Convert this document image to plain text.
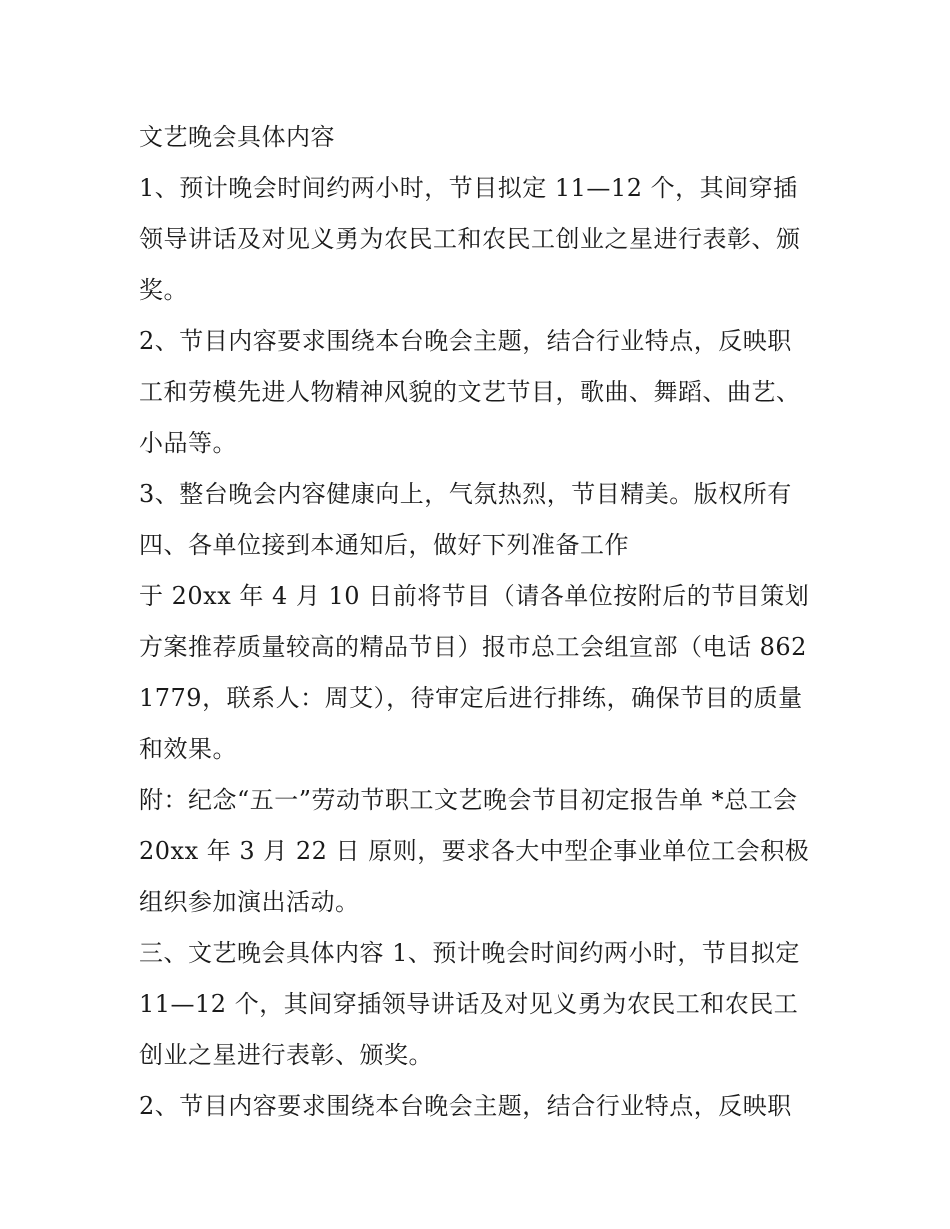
文艺晚会具体内容

1、预计晚会时间约两小时，节目拟定 11—12 个，其间穿插领导讲话及对见义勇为农民工和农民工创业之星进行表彰、颁奖。

2、节目内容要求围绕本台晚会主题，结合行业特点，反映职工和劳模先进人物精神风貌的文艺节目，歌曲、舞蹈、曲艺、小品等。

3、整台晚会内容健康向上，气氛热烈，节目精美。版权所有

四、各单位接到本通知后，做好下列准备工作

于 20xx 年 4 月 10 日前将节目（请各单位按附后的节目策划方案推荐质量较高的精品节目）报市总工会组宣部（电话 8621779，联系人：周艾），待审定后进行排练，确保节目的质量和效果。

附：纪念“五一”劳动节职工文艺晚会节目初定报告单 *总工会 20xx 年 3 月 22 日 原则，要求各大中型企事业单位工会积极组织参加演出活动。

三、文艺晚会具体内容 1、预计晚会时间约两小时，节目拟定 11—12 个，其间穿插领导讲话及对见义勇为农民工和农民工创业之星进行表彰、颁奖。

2、节目内容要求围绕本台晚会主题，结合行业特点，反映职
